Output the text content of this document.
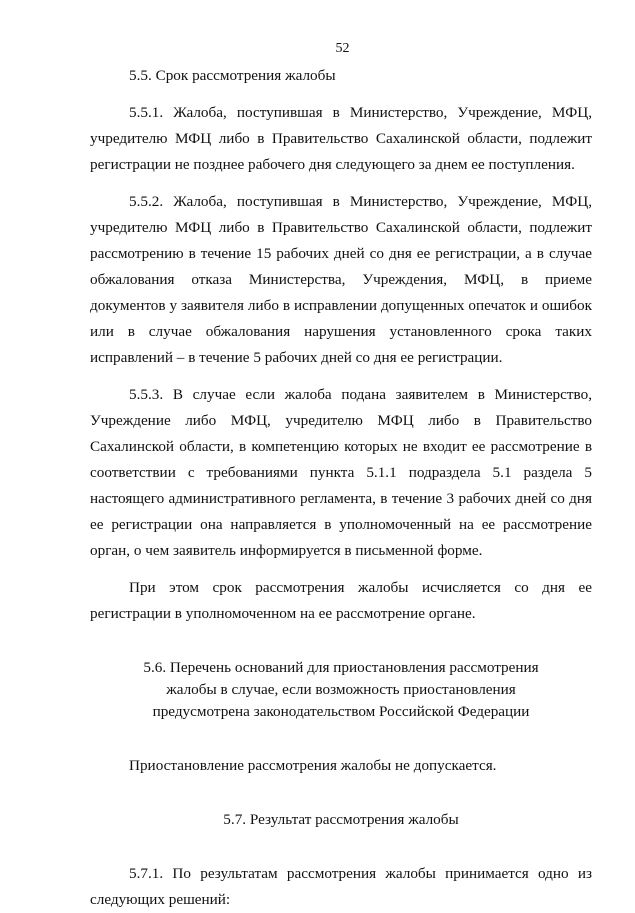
52

5.5. Срок рассмотрения жалобы

5.5.1. Жалоба, поступившая в Министерство, Учреждение, МФЦ, учредителю МФЦ либо в Правительство Сахалинской области, подлежит регистрации не позднее рабочего дня следующего за днем ее поступления.

5.5.2. Жалоба, поступившая в Министерство, Учреждение, МФЦ, учредителю МФЦ либо в Правительство Сахалинской области, подлежит рассмотрению в течение 15 рабочих дней со дня ее регистрации, а в случае обжалования отказа Министерства, Учреждения, МФЦ, в приеме документов у заявителя либо в исправлении допущенных опечаток и ошибок или в случае обжалования нарушения установленного срока таких исправлений – в течение 5 рабочих дней со дня ее регистрации.

5.5.3. В случае если жалоба подана заявителем в Министерство, Учреждение либо МФЦ, учредителю МФЦ либо в Правительство Сахалинской области, в компетенцию которых не входит ее рассмотрение в соответствии с требованиями пункта 5.1.1 подраздела 5.1 раздела 5 настоящего административного регламента, в течение 3 рабочих дней со дня ее регистрации она направляется в уполномоченный на ее рассмотрение орган, о чем заявитель информируется в письменной форме.

При этом срок рассмотрения жалобы исчисляется со дня ее регистрации в уполномоченном на ее рассмотрение органе.

5.6. Перечень оснований для приостановления рассмотрения

жалобы в случае, если возможность приостановления

предусмотрена законодательством Российской Федерации

Приостановление рассмотрения жалобы не допускается.

5.7. Результат рассмотрения жалобы

5.7.1. По результатам рассмотрения жалобы принимается одно из следующих решений:
